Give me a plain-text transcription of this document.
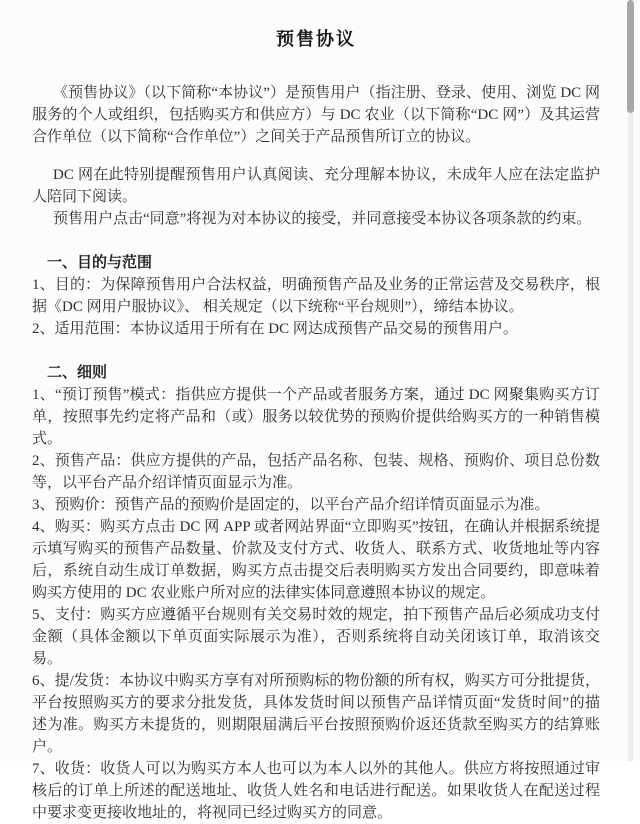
预售协议

《预售协议》（以下简称“本协议”）是预售用户（指注册、登录、使用、浏览 DC 网服务的个人或组织，包括购买方和供应方）与 DC 农业（以下简称“DC 网”）及其运营合作单位（以下简称“合作单位”）之间关于产品预售所订立的协议。

DC 网在此特别提醒预售用户认真阅读、充分理解本协议，未成年人应在法定监护人陪同下阅读。

预售用户点击“同意”将视为对本协议的接受，并同意接受本协议各项条款的约束。

一、目的与范围

1、目的：为保障预售用户合法权益，明确预售产品及业务的正常运营及交易秩序，根据《DC 网用户服协议》、 相关规定（以下统称“平台规则”），缔结本协议。

2、适用范围：本协议适用于所有在 DC 网达成预售产品交易的预售用户。

二、细则

1、“预订预售”模式：指供应方提供一个产品或者服务方案，通过 DC 网聚集购买方订单，按照事先约定将产品和（或）服务以较优势的预购价提供给购买方的一种销售模式。

2、预售产品：供应方提供的产品，包括产品名称、包装、规格、预购价、项目总份数等，以平台产品介绍详情页面显示为准。

3、预购价：预售产品的预购价是固定的，以平台产品介绍详情页面显示为准。

4、购买：购买方点击 DC 网 APP 或者网站界面“立即购买”按钮，在确认并根据系统提示填写购买的预售产品数量、价款及支付方式、收货人、联系方式、收货地址等内容后，系统自动生成订单数据，购买方点击提交后表明购买方发出合同要约，即意味着购买方使用的 DC 农业账户所对应的法律实体同意遵照本协议的规定。

5、支付：购买方应遵循平台规则有关交易时效的规定，拍下预售产品后必须成功支付金额（具体金额以下单页面实际展示为准），否则系统将自动关闭该订单，取消该交易。

6、提/发货：本协议中购买方享有对所预购标的物份额的所有权，购买方可分批提货，平台按照购买方的要求分批发货，具体发货时间以预售产品详情页面“发货时间”的描述为准。购买方未提货的，则期限届满后平台按照预购价返还货款至购买方的结算账户。

7、收货：收货人可以为购买方本人也可以为本人以外的其他人。供应方将按照通过审核后的订单上所述的配送地址、收货人姓名和电话进行配送。如果收货人在配送过程中要求变更接收地址的，将视同已经过购买方的同意。
